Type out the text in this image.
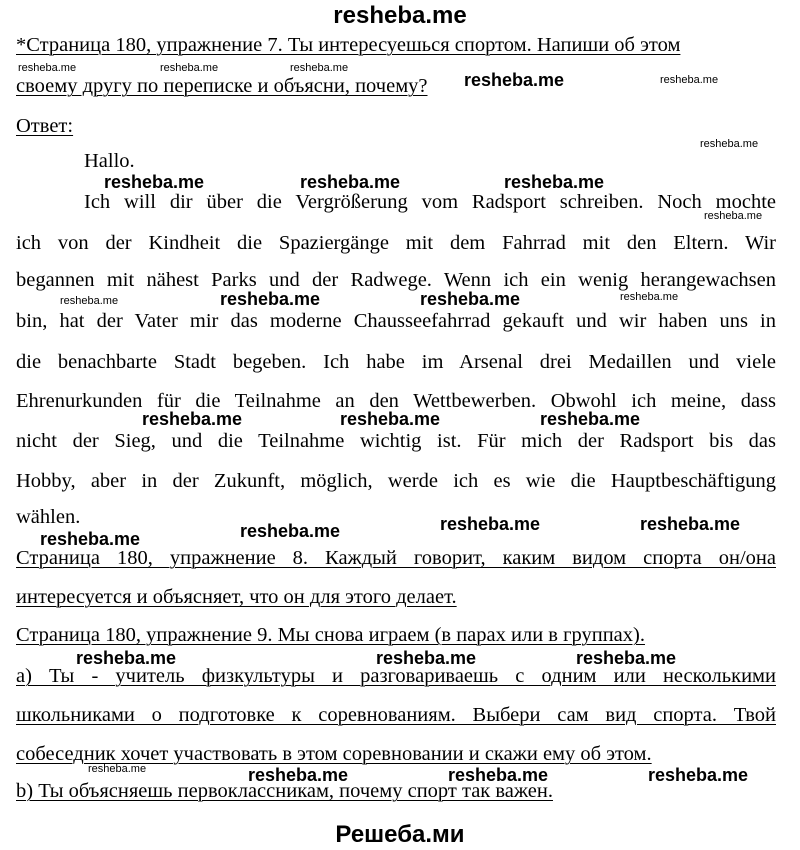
resheba.me
*Страница 180, упражнение 7. Ты интересуешься спортом. Напиши об этом
своему другу по переписке и объясни, почему?
Ответ:
Hallo.
Ich will dir über die Vergrößerung vom Radsport schreiben. Noch mochte
ich von der Kindheit die Spaziergänge mit dem Fahrrad mit den Eltern. Wir
begannen mit nähest Parks und der Radwege. Wenn ich ein wenig herangewachsen
bin, hat der Vater mir das moderne Chausseefahrrad gekauft und wir haben uns in
die benachbarte Stadt begeben. Ich habe im Arsenal drei Medaillen und viele
Ehrenurkunden für die Teilnahme an den Wettbewerben. Obwohl ich meine, dass
nicht der Sieg, und die Teilnahme wichtig ist. Für mich der Radsport bis das
Hobby, aber in der Zukunft, möglich, werde ich es wie die Hauptbeschäftigung
wählen.
Страница 180, упражнение 8. Каждый говорит, каким видом спорта он/она
интересуется и объясняет, что он для этого делает.
Страница 180, упражнение 9. Мы снова играем (в парах или в группах).
a) Ты - учитель физкультуры и разговариваешь с одним или несколькими
школьниками о подготовке к соревнованиям. Выбери сам вид спорта. Твой
собеседник хочет участвовать в этом соревновании и скажи ему об этом.
b) Ты объясняешь первоклассникам, почему спорт так важен.
resheba.me	resheba.me	resheba.me
resheba.me	resheba.me
resheba.me
resheba.me	resheba.me	resheba.me
resheba.me
resheba.me	resheba.me	resheba.me	resheba.me
resheba.me	resheba.me	resheba.me
resheba.me	resheba.me	resheba.me	resheba.me
resheba.me	resheba.me	resheba.me
resheba.me	resheba.me	resheba.me	resheba.me
Решеба.ми
